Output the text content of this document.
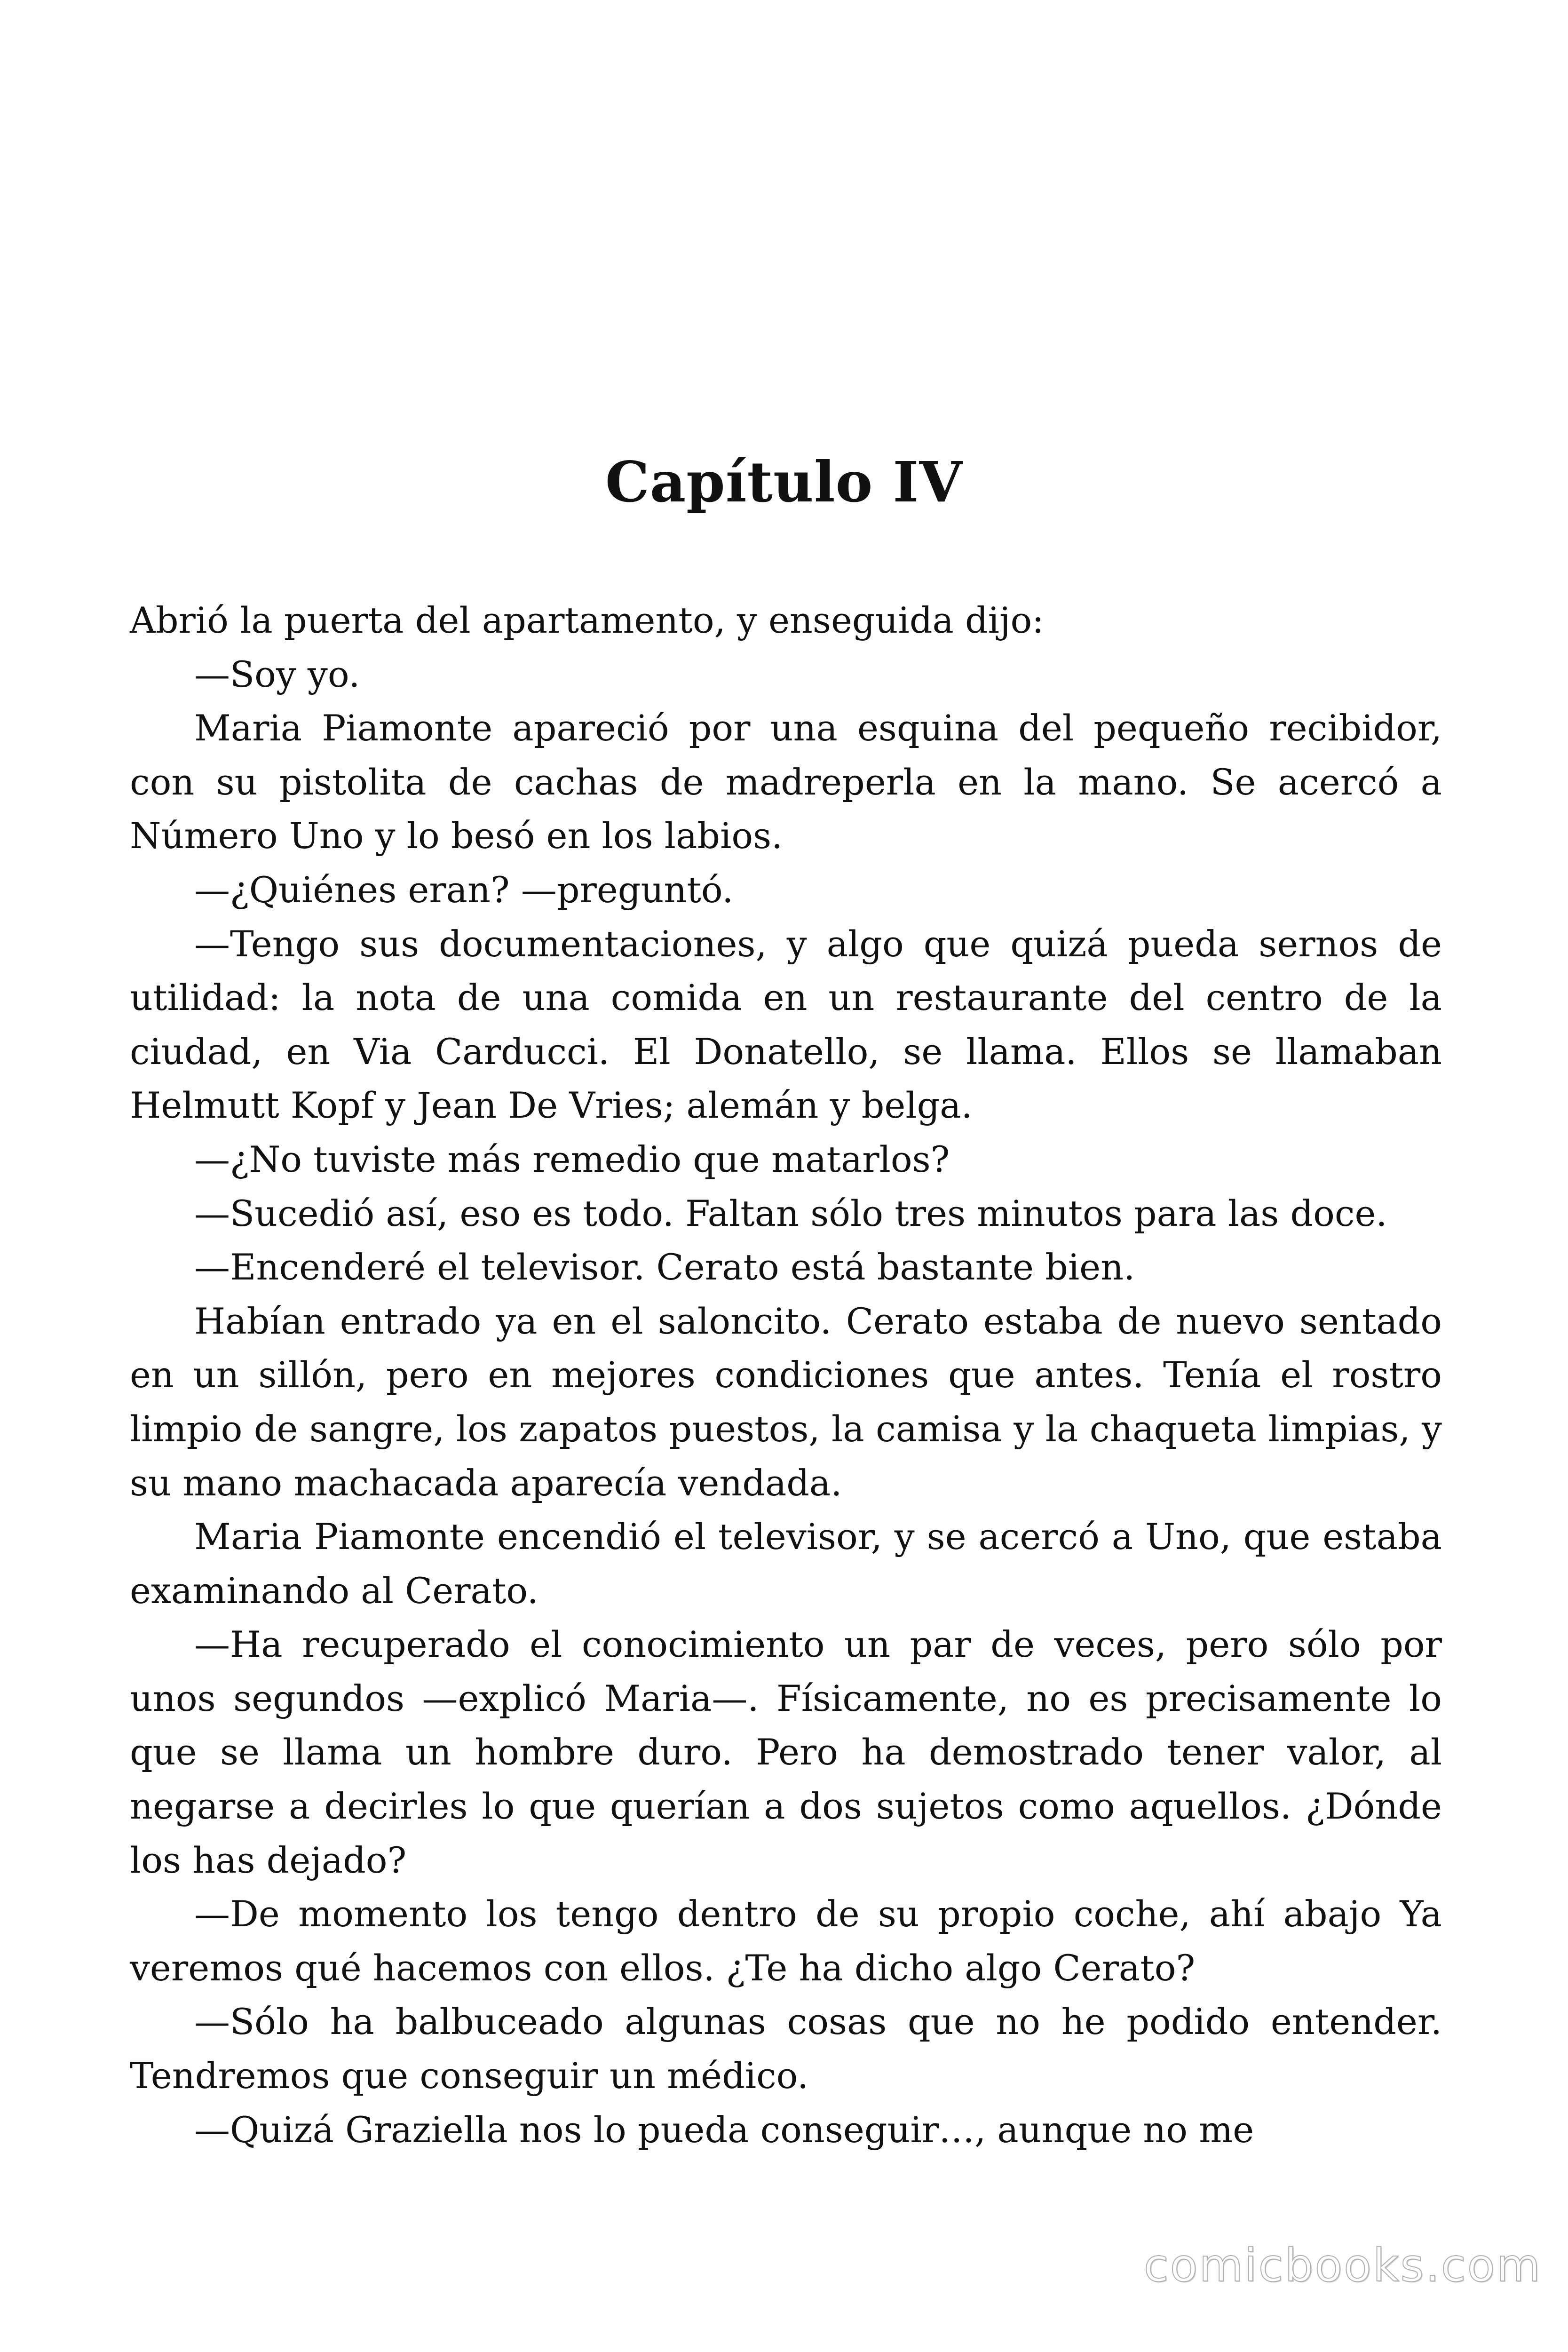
Capítulo IV

Abrió la puerta del apartamento, y enseguida dijo:

—Soy yo.

Maria Piamonte apareció por una esquina del pequeño recibidor, con su pistolita de cachas de madreperla en la mano. Se acercó a Número Uno y lo besó en los labios.

—¿Quiénes eran? —preguntó.

—Tengo sus documentaciones, y algo que quizá pueda sernos de utilidad: la nota de una comida en un restaurante del centro de la ciudad, en Via Carducci. El Donatello, se llama. Ellos se llamaban Helmutt Kopf y Jean De Vries; alemán y belga.

—¿No tuviste más remedio que matarlos?

—Sucedió así, eso es todo. Faltan sólo tres minutos para las doce.

—Encenderé el televisor. Cerato está bastante bien.

Habían entrado ya en el saloncito. Cerato estaba de nuevo sentado en un sillón, pero en mejores condiciones que antes. Tenía el rostro limpio de sangre, los zapatos puestos, la camisa y la chaqueta limpias, y su mano machacada aparecía vendada.

Maria Piamonte encendió el televisor, y se acercó a Uno, que estaba examinando al Cerato.

—Ha recuperado el conocimiento un par de veces, pero sólo por unos segundos —explicó Maria—. Físicamente, no es precisamente lo que se llama un hombre duro. Pero ha demostrado tener valor, al negarse a decirles lo que querían a dos sujetos como aquellos. ¿Dónde los has dejado?

—De momento los tengo dentro de su propio coche, ahí abajo Ya veremos qué hacemos con ellos. ¿Te ha dicho algo Cerato?

—Sólo ha balbuceado algunas cosas que no he podido entender. Tendremos que conseguir un médico.

—Quizá Graziella nos lo pueda conseguir…, aunque no me

comicbooks.com
